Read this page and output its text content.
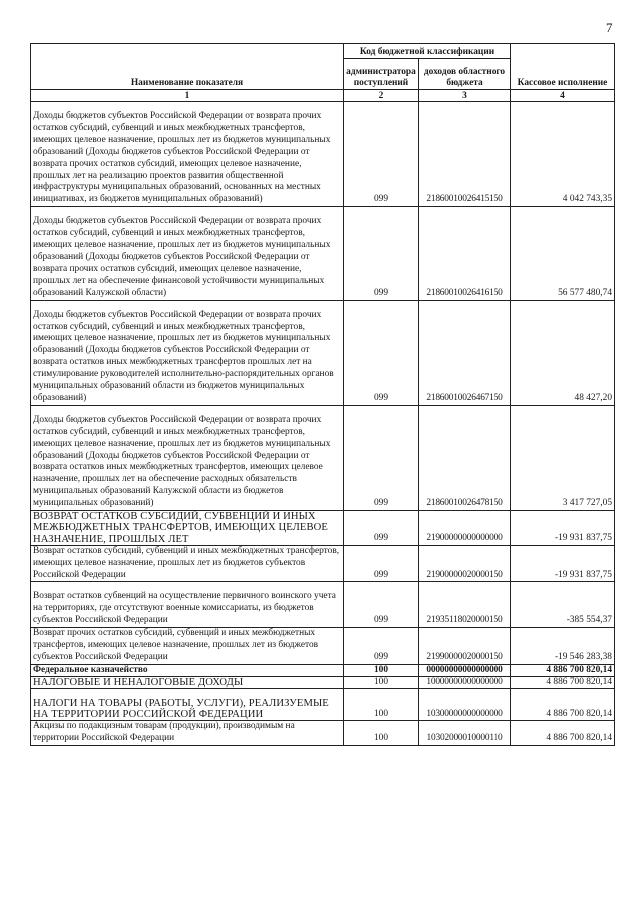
7
Наименование показателя	Код бюджетной классификации		Кассовое исполнение
	администратора поступлений	доходов областного бюджета	
1	2	3	4

Доходы бюджетов субъектов Российской Федерации от возврата прочих остатков субсидий, субвенций и иных межбюджетных трансфертов, имеющих целевое назначение, прошлых лет из бюджетов муниципальных образований (Доходы бюджетов субъектов Российской Федерации от возврата прочих остатков субсидий, имеющих целевое назначение, прошлых лет на реализацию проектов развития общественной инфраструктуры муниципальных образований, основанных на местных инициативах, из бюджетов муниципальных образований)	099	21860010026415150	4 042 743,35

Доходы бюджетов субъектов Российской Федерации от возврата прочих остатков субсидий, субвенций и иных межбюджетных трансфертов, имеющих целевое назначение, прошлых лет из бюджетов муниципальных образований (Доходы бюджетов субъектов Российской Федерации от возврата прочих остатков субсидий, имеющих целевое назначение, прошлых лет на обеспечение финансовой устойчивости муниципальных образований Калужской области)	099	21860010026416150	56 577 480,74

Доходы бюджетов субъектов Российской Федерации от возврата прочих остатков субсидий, субвенций и иных межбюджетных трансфертов, имеющих целевое назначение, прошлых лет из бюджетов муниципальных образований (Доходы бюджетов субъектов Российской Федерации от возврата остатков иных межбюджетных трансфертов прошлых лет на стимулирование руководителей исполнительно-распорядительных органов муниципальных образований области из бюджетов муниципальных образований)	099	21860010026467150	48 427,20

Доходы бюджетов субъектов Российской Федерации от возврата прочих остатков субсидий, субвенций и иных межбюджетных трансфертов, имеющих целевое назначение, прошлых лет из бюджетов муниципальных образований (Доходы бюджетов субъектов Российской Федерации от возврата остатков иных межбюджетных трансфертов, имеющих целевое назначение, прошлых лет на обеспечение расходных обязательств муниципальных образований Калужской области из бюджетов муниципальных образований)	099	21860010026478150	3 417 727,05
ВОЗВРАТ ОСТАТКОВ СУБСИДИЙ, СУБВЕНЦИЙ И ИНЫХ МЕЖБЮДЖЕТНЫХ ТРАНСФЕРТОВ, ИМЕЮЩИХ ЦЕЛЕВОЕ НАЗНАЧЕНИЕ, ПРОШЛЫХ ЛЕТ	099	21900000000000000	-19 931 837,75
Возврат остатков субсидий, субвенций и иных межбюджетных трансфертов, имеющих целевое назначение, прошлых лет из бюджетов субъектов Российской Федерации	099	21900000020000150	-19 931 837,75

Возврат остатков субвенций на осуществление первичного воинского учета на территориях, где отсутствуют военные комиссариаты, из бюджетов субъектов Российской Федерации	099	21935118020000150	-385 554,37
Возврат прочих остатков субсидий, субвенций и иных межбюджетных трансфертов, имеющих целевое назначение, прошлых лет из бюджетов субъектов Российской Федерации	099	21990000020000150	-19 546 283,38
Федеральное казначейство	100	00000000000000000	4 886 700 820,14
НАЛОГОВЫЕ И НЕНАЛОГОВЫЕ ДОХОДЫ	100	10000000000000000	4 886 700 820,14

НАЛОГИ НА ТОВАРЫ (РАБОТЫ, УСЛУГИ), РЕАЛИЗУЕМЫЕ НА ТЕРРИТОРИИ РОССИЙСКОЙ ФЕДЕРАЦИИ	100	10300000000000000	4 886 700 820,14
Акцизы по подакцизным товарам (продукции), производимым на территории Российской Федерации	100	10302000010000110	4 886 700 820,14
